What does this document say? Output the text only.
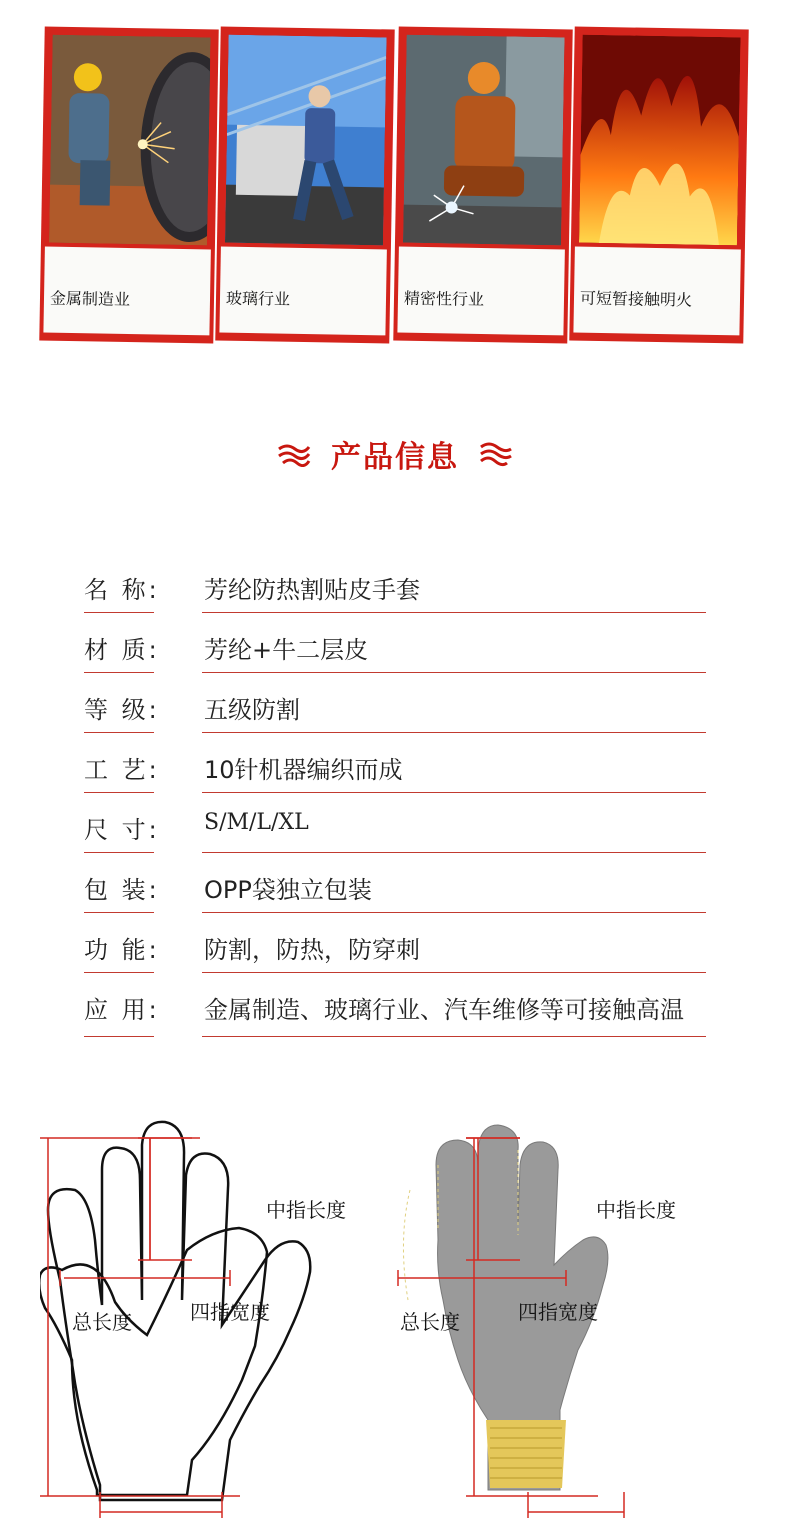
金属制造业	玻璃行业	精密性行业	可短暂接触明火
产品信息
名 称: 芳纶防热割贴皮手套
材 质: 芳纶+牛二层皮
等 级: 五级防割
工 艺: 10针机器编织而成
尺 寸: S/M/L/XL
包 装: OPP袋独立包装
功 能: 防割，防热，防穿刺
应 用: 金属制造、玻璃行业、汽车维修等可接触高温
中指长度
四指宽度
总长度
中指长度
四指宽度
总长度
